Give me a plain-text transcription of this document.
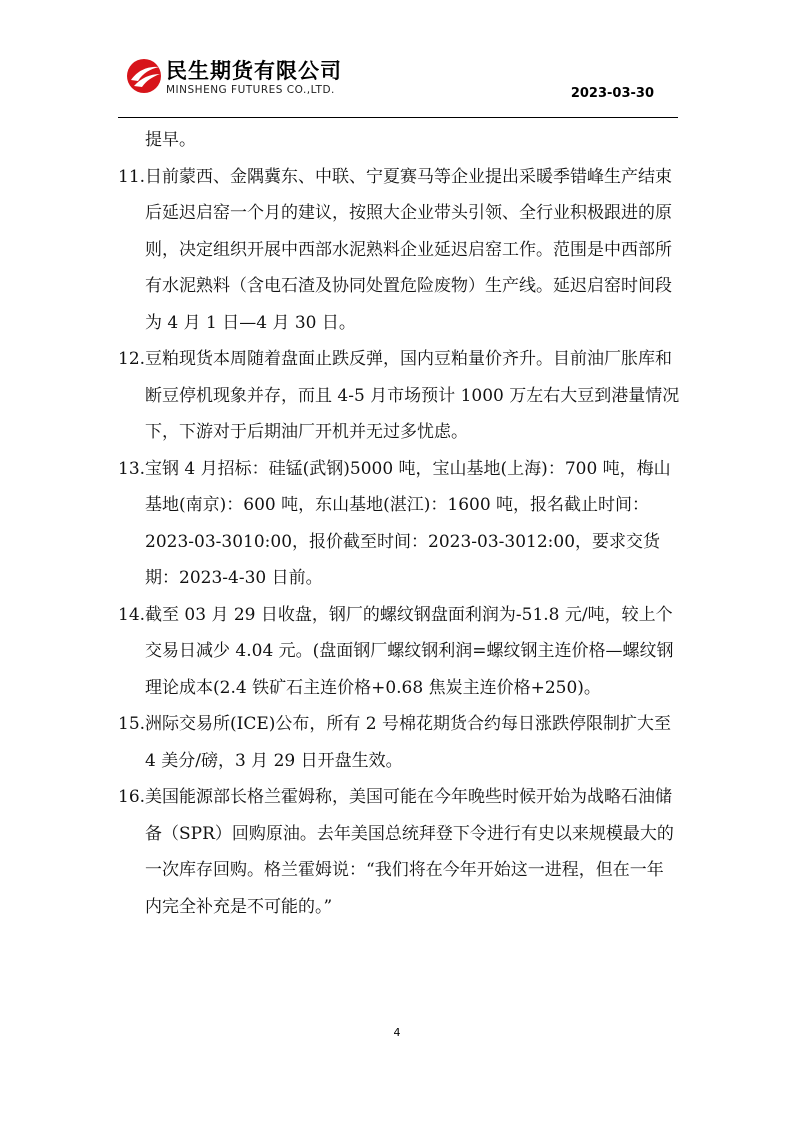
民生期货有限公司
MINSHENG FUTURES CO.,LTD.	2023-03-30

提早。

11. 日前蒙西、金隅冀东、中联、宁夏赛马等企业提出采暖季错峰生产结束后延迟启窑一个月的建议，按照大企业带头引领、全行业积极跟进的原则，决定组织开展中西部水泥熟料企业延迟启窑工作。范围是中西部所有水泥熟料（含电石渣及协同处置危险废物）生产线。延迟启窑时间段为 4 月 1 日—4 月 30 日。
12. 豆粕现货本周随着盘面止跌反弹，国内豆粕量价齐升。目前油厂胀库和断豆停机现象并存，而且 4-5 月市场预计 1000 万左右大豆到港量情况下，下游对于后期油厂开机并无过多忧虑。
13. 宝钢 4 月招标：硅锰(武钢)5000 吨，宝山基地(上海)：700 吨，梅山基地(南京)：600 吨，东山基地(湛江)：1600 吨，报名截止时间：2023-03-3010:00，报价截至时间：2023-03-3012:00，要求交货期：2023-4-30 日前。
14. 截至 03 月 29 日收盘，钢厂的螺纹钢盘面利润为-51.8 元/吨，较上个交易日减少 4.04 元。(盘面钢厂螺纹钢利润=螺纹钢主连价格—螺纹钢理论成本(2.4 铁矿石主连价格+0.68 焦炭主连价格+250)。
15. 洲际交易所(ICE)公布，所有 2 号棉花期货合约每日涨跌停限制扩大至 4 美分/磅，3 月 29 日开盘生效。
16. 美国能源部长格兰霍姆称，美国可能在今年晚些时候开始为战略石油储备（SPR）回购原油。去年美国总统拜登下令进行有史以来规模最大的一次库存回购。格兰霍姆说：“我们将在今年开始这一进程，但在一年内完全补充是不可能的。”
4
